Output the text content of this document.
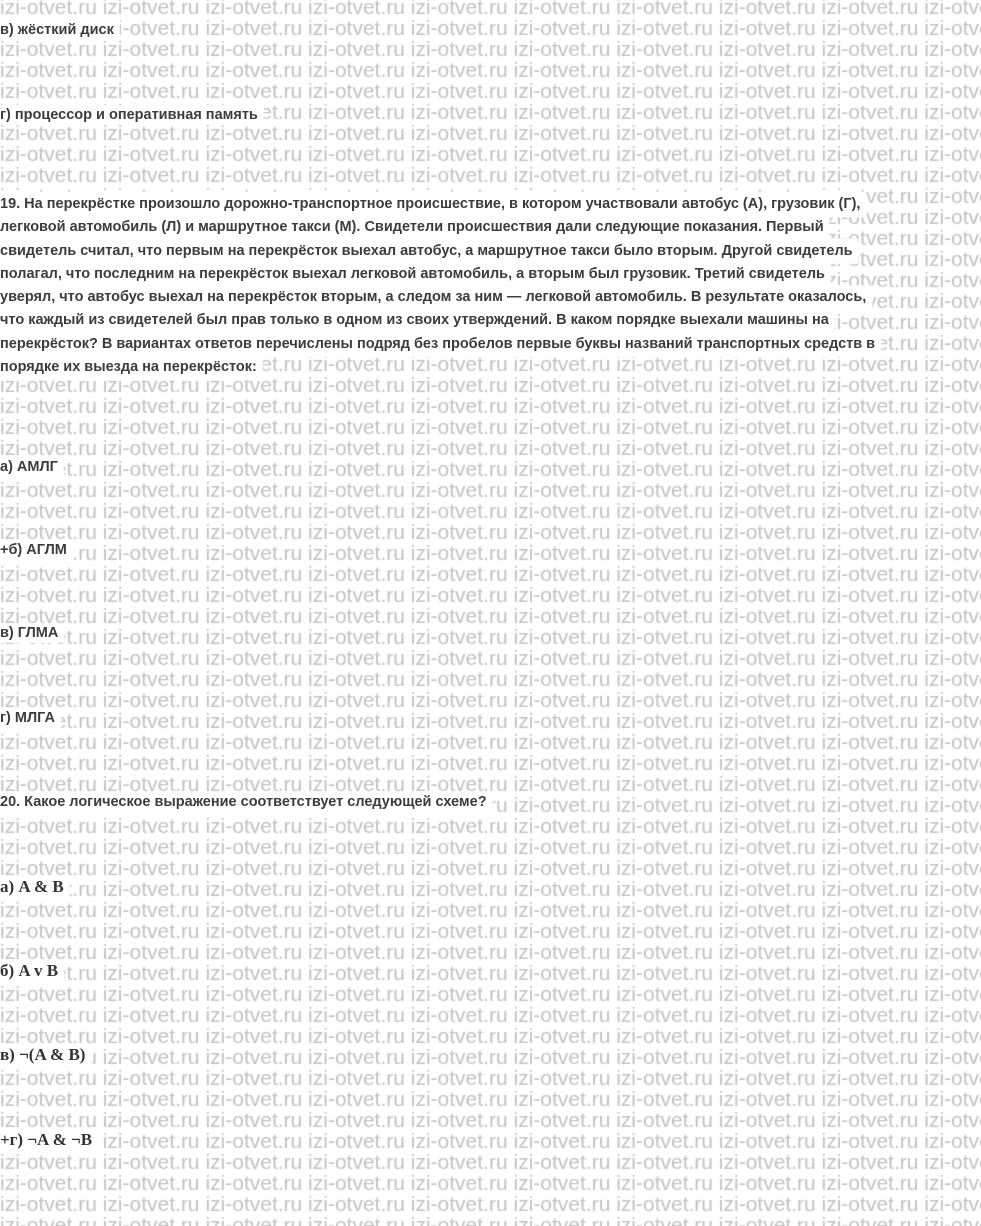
в) жёсткий диск
г) процессор и оперативная память
19. На перекрёстке произошло дорожно-транспортное происшествие, в котором участвовали автобус (А), грузовик (Г),
легковой автомобиль (Л) и маршрутное такси (М). Свидетели происшествия дали следующие показания. Первый
свидетель считал, что первым на перекрёсток выехал автобус, а маршрутное такси было вторым. Другой свидетель
полагал, что последним на перекрёсток выехал легковой автомобиль, а вторым был грузовик. Третий свидетель
уверял, что автобус выехал на перекрёсток вторым, а следом за ним — легковой автомобиль. В результате оказалось,
что каждый из свидетелей был прав только в одном из своих утверждений. В каком порядке выехали машины на
перекрёсток? В вариантах ответов перечислены подряд без пробелов первые буквы названий транспортных средств в
порядке их выезда на перекрёсток:
а) АМЛГ
+б) АГЛМ
в) ГЛМА
г) МЛГА
20. Какое логическое выражение соответствует следующей схеме?
а) A & B
б) A v B
в) ¬(A & B)
+г) ¬A & ¬B
